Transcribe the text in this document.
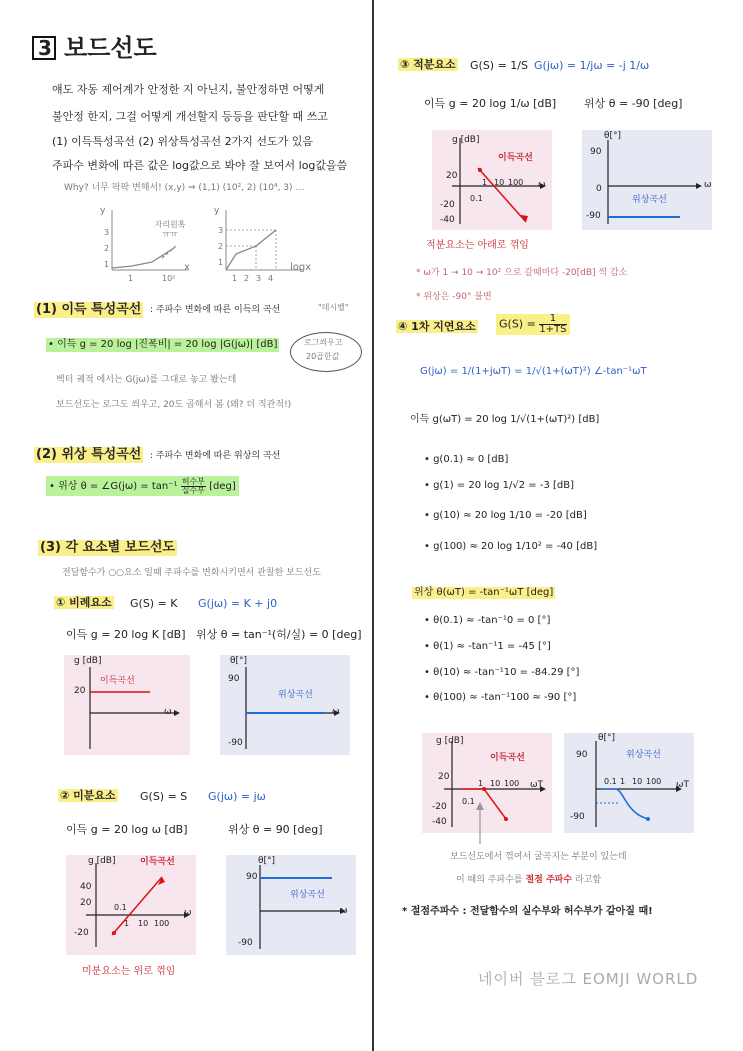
3 보드선도
얘도 자동 제어계가 안정한 지 아닌지, 불안정하면 어떻게
불안정 한지, 그걸 어떻게 개선할지 등등을 판단할 때 쓰고
(1) 이득특성곡선 (2) 위상특성곡선 2가지 선도가 있음
주파수 변화에 따른 값은 log값으로 봐야 잘 보여서 log값을씀
Why? 너무 팍팍 변해서! (x,y) ⇒ (1,1) (10², 2) (10⁴, 3) …
y
3
2
1
1	10²
x
자리원혹 ㅠㅠ
y
3
2
1
1 2 3 4
logx
(1) 이득 특성곡선 : 주파수 변화에 따른 이득의 곡선	"데시벨"
• 이득 g = 20 log |진폭비| = 20 log |G(jω)| [dB]	로그씌우고
20곱한값
벡터 궤적 에서는 G(jω)를 그대로 놓고 봤는데
보드선도는 로그도 씌우고, 20도 곱해서 봄 (왜? 더 직관적!)
(2) 위상 특성곡선 : 주파수 변화에 따른 위상의 곡선
• 위상 θ = ∠G(jω) = $\tan^{-1} \frac{\text{허수부}}{\text{실수부}} [deg]$
(3) 각 요소별 보드선도
전달함수가 ○○요소 일때 주파수를 변화시키면서 관찰한 보드선도
① 비례요소 G(S) = K G(jω) = K + j0
이득 g = 20 log K [dB] 위상 θ = tan⁻¹(허/실) = 0 [deg]
g [dB]
이득곡선
20
ω
θ[°]
90
위상곡선
-90
ω
② 미분요소 G(S) = S G(jω) = jω
이득 g = 20 log ω [dB]	위상 θ = 90 [deg]
g [dB]	이득곡선
40
20
-20
0.1
1 10 100
ω
θ[°]
90
위상곡선
-90
ω
미분요소는 위로 꺾임
③ 적분요소 G(S) = 1/S G(jω) = 1/jω = -j 1/ω
이득 g = 20 log 1/ω [dB]	위상 θ = -90 [deg]
g [dB]
이득곡선
20
-20
-40
0.1
1 10 100 ω
θ[°]
90
0
위상곡선
-90
ω
적분요소는 아래로 꺾임
* ω가 1 → 10 → 10² 으로 갈때마다 -20[dB] 씩 감소
* 위상은 -90° 불변
④ 1차 지연요소 $G(S) = \frac{1}{1+TS}$
G(jω) = 1/(1+jωT) = 1/√(1+(ωT)²) ∠-tan⁻¹ωT
이득 g(ωT) = 20 log 1/√(1+(ωT)²) [dB]
• g(0.1) ≈ 0 [dB]
• g(1) = 20 log 1/√2 = -3 [dB]
• g(10) ≈ 20 log 1/10 = -20 [dB]
• g(100) ≈ 20 log 1/10² = -40 [dB]
위상 θ(ωT) = -tan⁻¹ωT [deg]
• θ(0.1) ≈ -tan⁻¹0 = 0 [°]
• θ(1) ≈ -tan⁻¹1 = -45 [°]
• θ(10) ≈ -tan⁻¹10 = -84.29 [°]
• θ(100) ≈ -tan⁻¹100 ≈ -90 [°]
g [dB]
이득곡선
20
-20
-40
0.1
1 10 100 ωT
θ[°]
90	위상곡선
0.1 1 10 100 ωT
-90
보드선도에서 꺾여서 굴곡지는 부분이 있는데
이 때의 주파수를 절점 주파수 라고함
* 절점주파수 : 전달함수의 실수부와 허수부가 같아질 때!
네이버 블로그 EOMJI WORLD
